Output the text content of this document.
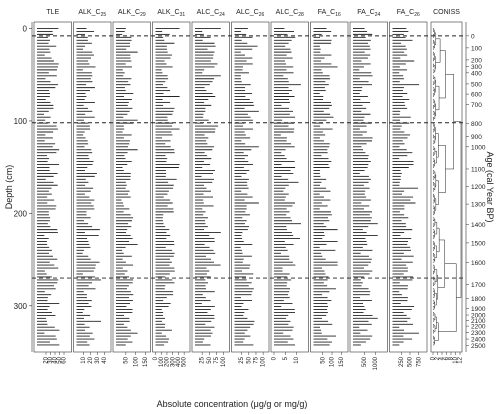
Depth (cm)
Absolute concentration (μg/g or mg/g)
Age (cal Year BP)
TLE
20
30
40
50
60
$ALK\_C_{25}$
10 20 30 40
$ALK\_C_{29}$
50 100 150
$ALK\_C_{31}$
0 100 200 300 400 500
$ALC\_C_{24}$
25 50 75 100
$ALC\_C_{26}$
25 50 75 100
$ALC\_C_{28}$
0 5 10
$FA\_C_{16}$
50 100 150
$FA\_C_{24}$
500 1000
$FA\_C_{26}$
250 500 750
0
100
200
300
CONISS
0
2
4
6
8
10
12
0
100
200
300
400
500
600
700
800
900
1000
1100
1200
1300
1400
1500
1600
1700
1800
1900
2000
2100
2200
2300
2400
2500
